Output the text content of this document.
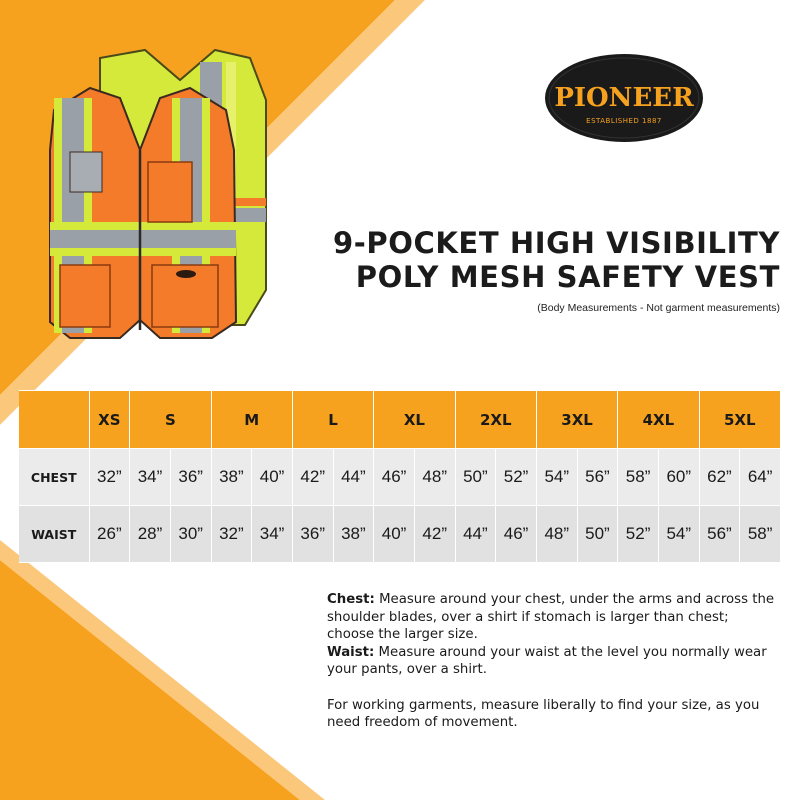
PIONEER
ESTABLISHED 1887
9-POCKET HIGH VISIBILITY
POLY MESH SAFETY VEST
(Body Measurements - Not garment measurements)
	XS	S		M		L		XL		2XL		3XL		4XL		5XL	
CHEST	32”	34”	36”	38”	40”	42”	44”	46”	48”	50”	52”	54”	56”	58”	60”	62”	64”
WAIST	26”	28”	30”	32”	34”	36”	38”	40”	42”	44”	46”	48”	50”	52”	54”	56”	58”

Chest: Measure around your chest, under the arms and across the shoulder blades, over a shirt if stomach is larger than chest; choose the larger size.

Waist: Measure around your waist at the level you normally wear your pants, over a shirt.

For working garments, measure liberally to find your size, as you need freedom of movement.
